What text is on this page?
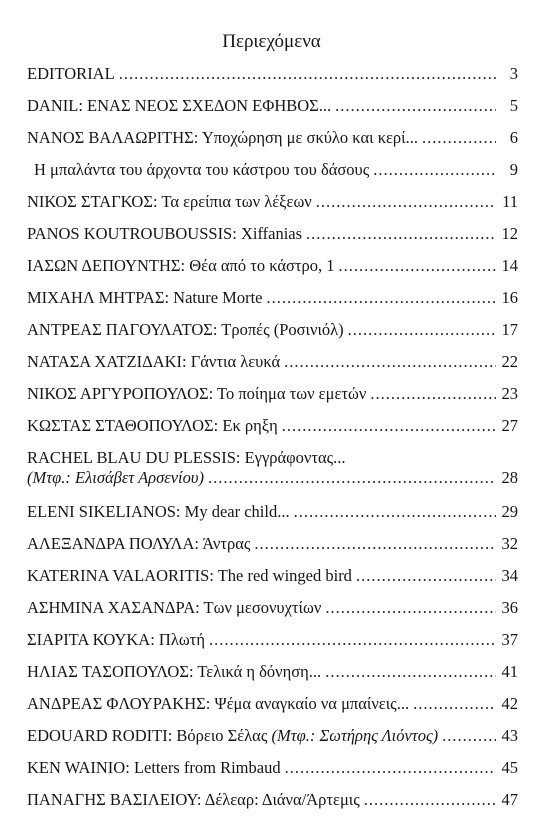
Περιεχόμενα
EDITORIAL .....	3
DANIL: ΕΝΑΣ ΝΕΟΣ ΣΧΕΔΟΝ ΕΦΗΒΟΣ... .....	5
ΝΑΝΟΣ ΒΑΛΑΩΡΙΤΗΣ: Υποχώρηση με σκύλο και κερί... .....	6
Η μπαλάντα του άρχοντα του κάστρου του δάσους .....	9
ΝΙΚΟΣ ΣΤΑΓΚΟΣ: Τα ερείπια των λέξεων .....	11
PANOS KOUTROUBOUSSIS: Xiffanias .....	12
ΙΑΣΩΝ ΔΕΠΟΥΝΤΗΣ: Θέα από το κάστρο, 1 .....	14
ΜΙΧΑΗΛ ΜΗΤΡΑΣ: Nature Morte .....	16
ΑΝΤΡΕΑΣ ΠΑΓΟΥΛΑΤΟΣ: Τροπές (Ροσινιόλ) .....	17
ΝΑΤΑΣΑ ΧΑΤΖΙΔΑΚΙ: Γάντια λευκά .....	22
ΝΙΚΟΣ ΑΡΓΥΡΟΠΟΥΛΟΣ: Το ποίημα των εμετών .....	23
ΚΩΣΤΑΣ ΣΤΑΘΟΠΟΥΛΟΣ: Εκ ρηξη .....	27
RACHEL BLAU DU PLESSIS: Εγγράφοντας...
(Μτφ.: Ελισάβετ Αρσενίου) .....	28
ELENI SIKELIANOS: My dear child... .....	29
ΑΛΕΞΑΝΔΡΑ ΠΟΛΥΛΑ: Άντρας .....	32
KATERINA VALAORITIS: The red winged bird .....	34
ΑΣΗΜΙΝΑ ΧΑΣΑΝΔΡΑ: Των μεσονυχτίων .....	36
ΣΙΑΡΙΤΑ ΚΟΥΚΑ: Πλωτή .....	37
ΗΛΙΑΣ ΤΑΣΟΠΟΥΛΟΣ: Τελικά η δόνηση... .....	41
ΑΝΔΡΕΑΣ ΦΛΟΥΡΑΚΗΣ: Ψέμα αναγκαίο να μπαίνεις... .....	42
EDOUARD RODITI: Βόρειο Σέλας (Μτφ.: Σωτήρης Λιόντος) .....	43
KEN WAINIO: Letters from Rimbaud .....	45
ΠΑΝΑΓΗΣ ΒΑΣΙΛΕΙΟΥ: Δέλεαρ: Διάνα/Άρτεμις .....	47
